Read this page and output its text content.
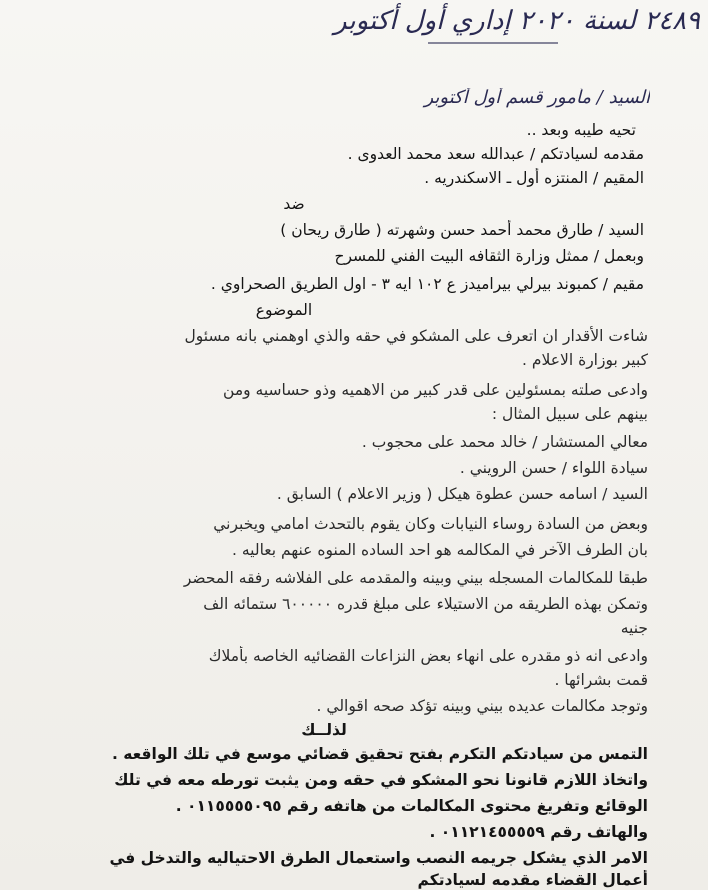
٢٤٨٩ لسنة ٢٠٢٠ إداري أول أكتوبر
السيد / مأمور قسم أول أكتوبر
تحيه طيبه وبعد ..
مقدمه لسيادتكم / عبدالله سعد محمد العدوى .
المقيم / المنتزه أول ـ الاسكندريه .
ضد
السيد / طارق محمد أحمد حسن وشهرته ( طارق ريحان )
وبعمل / ممثل وزارة الثقافه البيت الفني للمسرح
مقيم / كمبوند بيرلي بيراميدز ع ١٠٢ ايه ٣ - اول الطريق الصحراوي .
الموضوع
شاءت الأقدار ان اتعرف على المشكو في حقه والذي اوهمني بانه مسئول
كبير بوزارة الاعلام .
وادعى صلته بمسئولين على قدر كبير من الاهميه وذو حساسيه ومن
بينهم على سبيل المثال :
معالي المستشار / خالد محمد على محجوب .
سيادة اللواء / حسن الرويني .
السيد / اسامه حسن عطوة هيكل ( وزير الاعلام ) السابق .
وبعض من السادة روساء النيابات وكان يقوم بالتحدث امامي ويخبرني
بان الطرف الآخر في المكالمه هو احد الساده المنوه عنهم بعاليه .
طبقا للمكالمات المسجله بيني وبينه والمقدمه على الفلاشه رفقه المحضر
وتمكن بهذه الطريقه من الاستيلاء على مبلغ قدره ٦٠٠٠٠٠ ستمائه الف
جنيه
وادعى انه ذو مقدره على انهاء بعض النزاعات القضائيه الخاصه بأملاك
قمت بشرائها .
وتوجد مكالمات عديده بيني وبينه تؤكد صحه اقوالي .
لذلــك
التمس من سيادتكم التكرم بفتح تحقيق قضائي موسع في تلك الواقعه .
واتخاذ اللازم قانونا نحو المشكو في حقه ومن يثبت تورطه معه في تلك
الوقائع وتفريغ محتوى المكالمات من هاتفه رقم ٠١١٥٥٥٥٠٩٥ .
والهاتف رقم ٠١١٢١٤٥٥٥٥٩ .
الامر الذي يشكل جريمه النصب واستعمال الطرق الاحتياليه والتدخل في
أعمال القضاء مقدمه لسيادتكم
